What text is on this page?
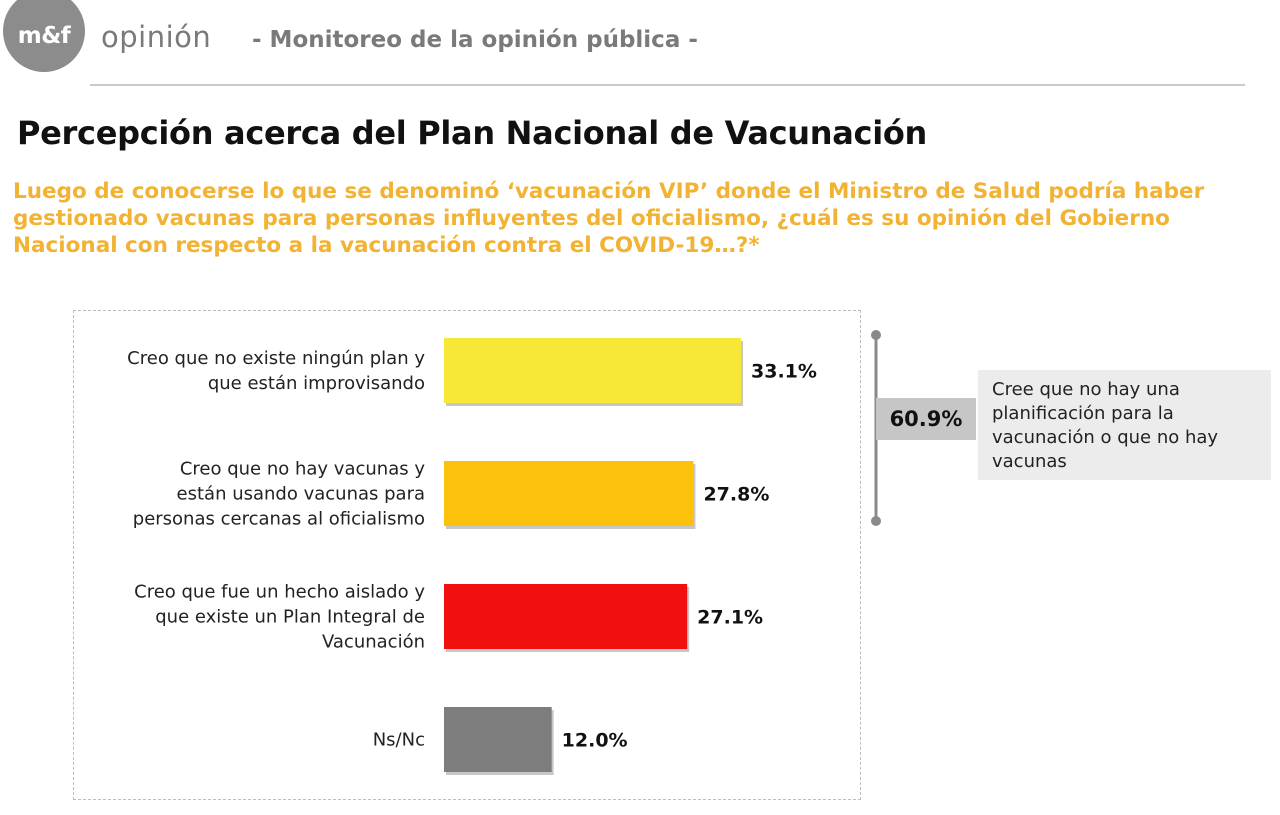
m&f opinión - Monitoreo de la opinión pública -
Percepción acerca del Plan Nacional de Vacunación

Luego de conocerse lo que se denominó ‘vacunación VIP’ donde el Ministro de Salud podría haber gestionado vacunas para personas influyentes del oficialismo, ¿cuál es su opinión del Gobierno Nacional con respecto a la vacunación contra el COVID-19…?*

33.1%
Creo que no existe ningún plan y que están improvisando
27.8%
Creo que no hay vacunas y están usando vacunas para personas cercanas al oficialismo
27.1%
Creo que fue un hecho aislado y que existe un Plan Integral de Vacunación
12.0%
Ns/Nc
60.9%
Cree que no hay una planificación para la vacunación o que no hay vacunas
